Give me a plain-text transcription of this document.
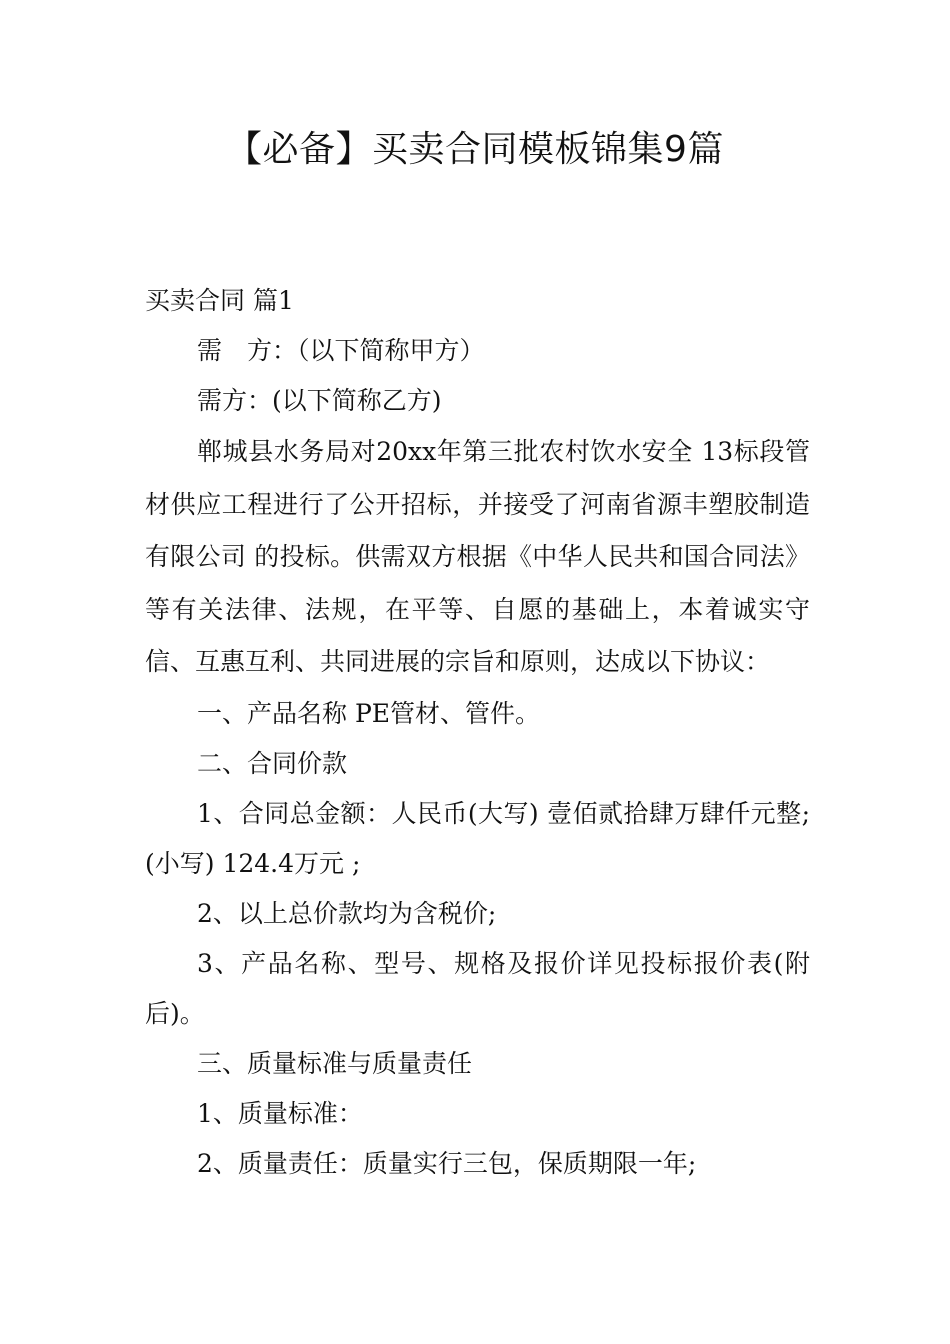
【必备】买卖合同模板锦集9篇

买卖合同 篇1

需　方：（以下简称甲方）

需方：(以下简称乙方)

郸城县水务局对20xx年第三批农村饮水安全 13标段管材供应工程进行了公开招标，并接受了河南省源丰塑胶制造有限公司 的投标。供需双方根据《中华人民共和国合同法》等有关法律、法规，在平等、自愿的基础上，本着诚实守信、互惠互利、共同进展的宗旨和原则，达成以下协议：

一、产品名称 PE管材、管件。

二、合同价款

1、合同总金额：人民币(大写) 壹佰贰拾肆万肆仟元整;(小写) 124.4万元 ;

2、以上总价款均为含税价;

3、产品名称、型号、规格及报价详见投标报价表(附后)。

三、质量标准与质量责任

1、质量标准：

2、质量责任：质量实行三包，保质期限一年;
